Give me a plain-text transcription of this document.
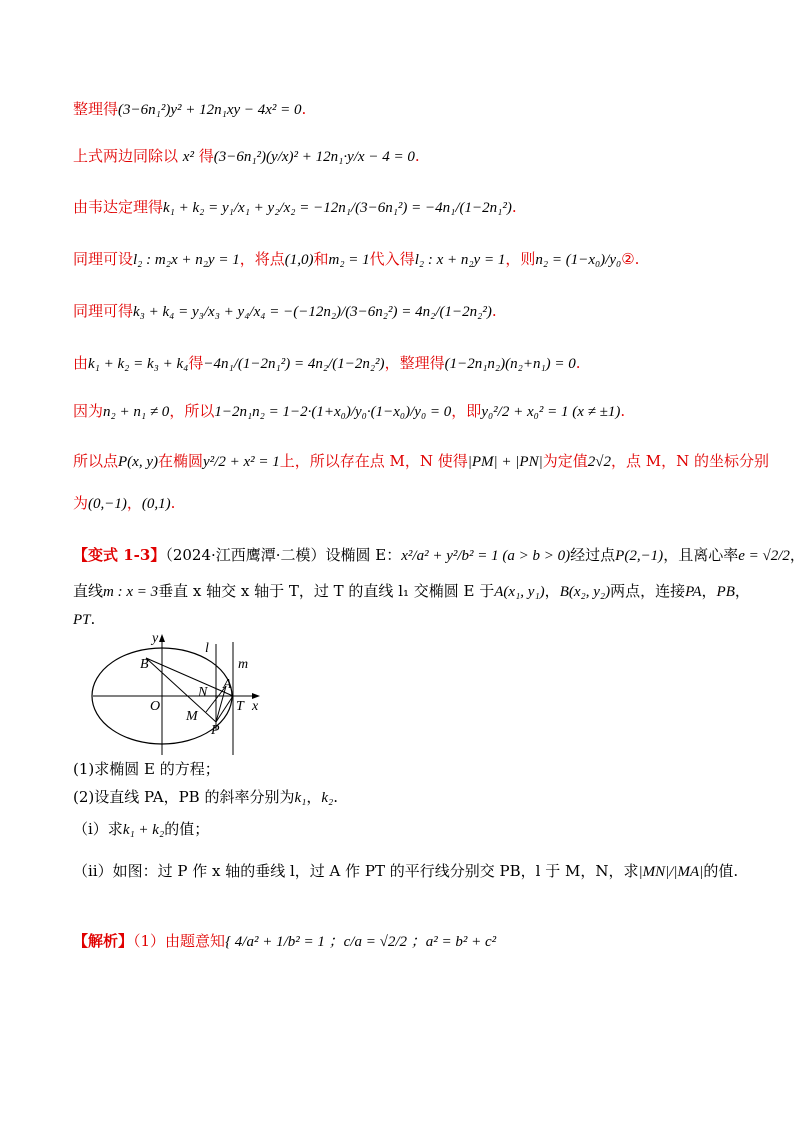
整理得(3−6n₁²)y² + 12n₁xy − 4x² = 0.
上式两边同除以 x² 得(3−6n₁²)(y/x)² + 12n₁·y/x − 4 = 0.
由韦达定理得k₁ + k₂ = y₁/x₁ + y₂/x₂ = −12n₁/(3−6n₁²) = −4n₁/(1−2n₁²).
同理可设l₂ : m₂x + n₂y = 1，将点(1,0)和m₂ = 1代入得l₂ : x + n₂y = 1，则n₂ = (1−x₀)/y₀②.
同理可得k₃ + k₄ = y₃/x₃ + y₄/x₄ = −(−12n₂)/(3−6n₂²) = 4n₂/(1−2n₂²).
由k₁ + k₂ = k₃ + k₄得−4n₁/(1−2n₁²) = 4n₂/(1−2n₂²)，整理得(1−2n₁n₂)(n₂+n₁) = 0.
因为n₂ + n₁ ≠ 0，所以1−2n₁n₂ = 1−2·(1+x₀)/y₀·(1−x₀)/y₀ = 0，即y₀²/2 + x₀² = 1 (x ≠ ±1).
所以点P(x, y)在椭圆y²/2 + x² = 1上，所以存在点 M，N 使得|PM| + |PN|为定值2√2，点 M，N 的坐标分别
为(0,−1)，(0,1).
【变式 1-3】（2024·江西鹰潭·二模）设椭圆 E：x²/a² + y²/b² = 1 (a > b > 0)经过点P(2,−1)，且离心率e = √2/2，
直线m : x = 3垂直 x 轴交 x 轴于 T，过 T 的直线 l₁ 交椭圆 E 于A(x₁, y₁)，B(x₂, y₂)两点，连接PA，PB，
PT.
y
l
m
B
N
A
O
M
T x
P
(1)求椭圆 E 的方程；
(2)设直线 PA，PB 的斜率分别为k₁，k₂.
（ⅰ）求k₁ + k₂的值；
（ⅱ）如图：过 P 作 x 轴的垂线 l，过 A 作 PT 的平行线分别交 PB，l 于 M，N，求|MN|/|MA|的值.
【解析】（1）由题意知{ 4/a² + 1/b² = 1 ；c/a = √2/2 ；a² = b² + c²
